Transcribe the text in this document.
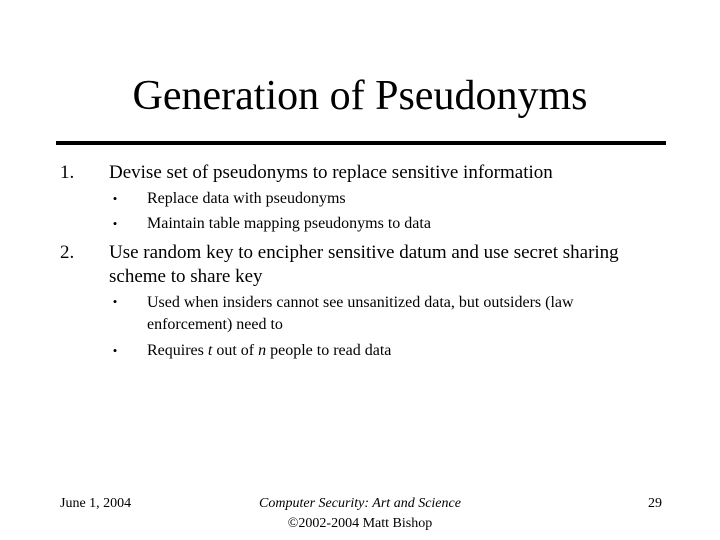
Generation of Pseudonyms
1. Devise set of pseudonyms to replace sensitive information
• Replace data with pseudonyms
• Maintain table mapping pseudonyms to data
2. Use random key to encipher sensitive datum and use secret sharing scheme to share key
• Used when insiders cannot see unsanitized data, but outsiders (law enforcement) need to
• Requires t out of n people to read data
June 1, 2004	Computer Security: Art and Science
©2002-2004 Matt Bishop
29
